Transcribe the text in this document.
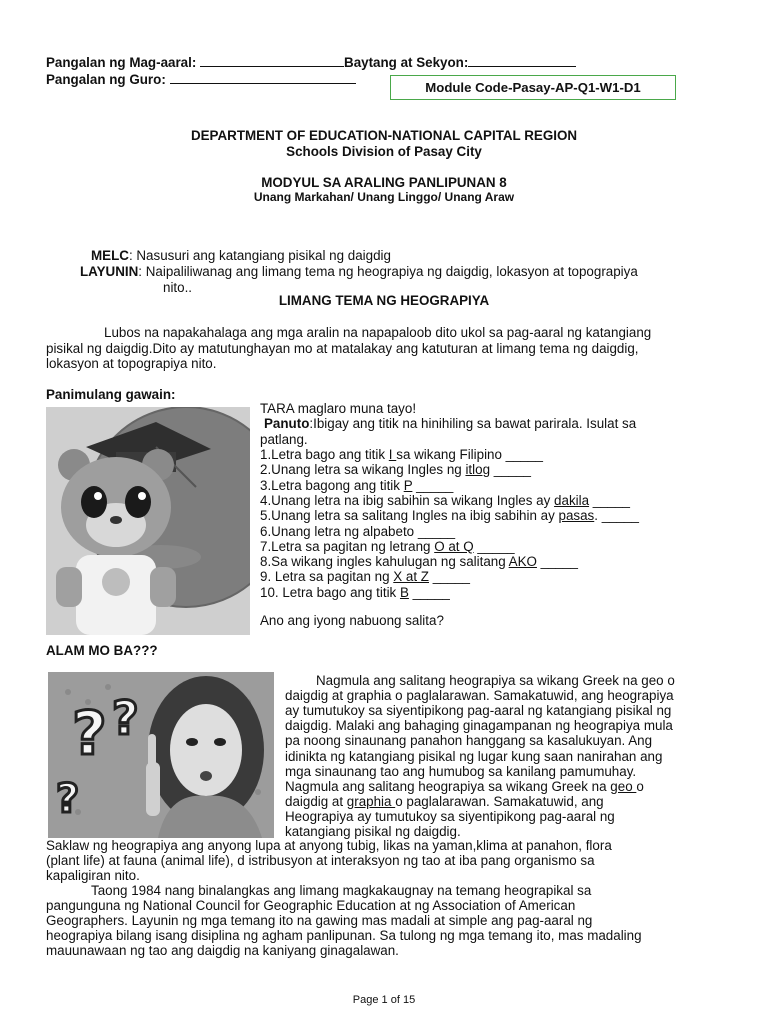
Pangalan ng Mag-aaral:	Baytang at Sekyon:
Pangalan ng Guro:
Module Code-Pasay-AP-Q1-W1-D1
DEPARTMENT OF EDUCATION-NATIONAL CAPITAL REGION
Schools Division of Pasay City
MODYUL SA ARALING PANLIPUNAN 8
Unang Markahan/ Unang Linggo/ Unang Araw
MELC: Nasusuri ang katangiang pisikal ng daigdig
LAYUNIN: Naipaliliwanag ang limang tema ng heograpiya ng daigdig, lokasyon at topograpiya
nito..
LIMANG TEMA NG HEOGRAPIYA
Lubos na napakahalaga ang mga aralin na napapaloob dito ukol sa pag-aaral ng katangiang
pisikal ng daigdig.Dito ay matutunghayan mo at matalakay ang katuturan at limang tema ng daigdig,
lokasyon at topograpiya nito.
Panimulang gawain:
TARA maglaro muna tayo!
Panuto:Ibigay ang titik na hinihiling sa bawat parirala. Isulat sa
patlang.
1.Letra bago ang titik I sa wikang Filipino _____
2.Unang letra sa wikang Ingles ng itlog _____
3.Letra bagong ang titik P _____
4.Unang letra na ibig sabihin sa wikang Ingles ay dakila _____
5.Unang letra sa salitang Ingles na ibig sabihin ay pasas. _____
6.Unang letra ng alpabeto _____
7.Letra sa pagitan ng letrang O at Q _____
8.Sa wikang ingles kahulugan ng salitang AKO _____
9. Letra sa pagitan ng X at Z _____
10. Letra bago ang titik B _____
Ano ang iyong nabuong salita?
ALAM MO BA???
? ?
?
Nagmula ang salitang heograpiya sa wikang Greek na geo o
daigdig at graphia o paglalarawan. Samakatuwid, ang heograpiya
ay tumutukoy sa siyentipikong pag-aaral ng katangiang pisikal ng
daigdig. Malaki ang bahaging ginagampanan ng heograpiya mula
pa noong sinaunang panahon hanggang sa kasalukuyan. Ang
idinikta ng katangiang pisikal ng lugar kung saan nanirahan ang
mga sinaunang tao ang humubog sa kanilang pamumuhay.
Nagmula ang salitang heograpiya sa wikang Greek na geo o
daigdig at graphia o paglalarawan. Samakatuwid, ang
Heograpiya ay tumutukoy sa siyentipikong pag-aaral ng
katangiang pisikal ng daigdig.
Saklaw ng heograpiya ang anyong lupa at anyong tubig, likas na yaman,klima at panahon, flora
(plant life) at fauna (animal life), d istribusyon at interaksyon ng tao at iba pang organismo sa
kapaligiran nito.
Taong 1984 nang binalangkas ang limang magkakaugnay na temang heograpikal sa
pangunguna ng National Council for Geographic Education at ng Association of American
Geographers. Layunin ng mga temang ito na gawing mas madali at simple ang pag-aaral ng
heograpiya bilang isang disiplina ng agham panlipunan. Sa tulong ng mga temang ito, mas madaling
mauunawaan ng tao ang daigdig na kaniyang ginagalawan.
Page 1 of 15
